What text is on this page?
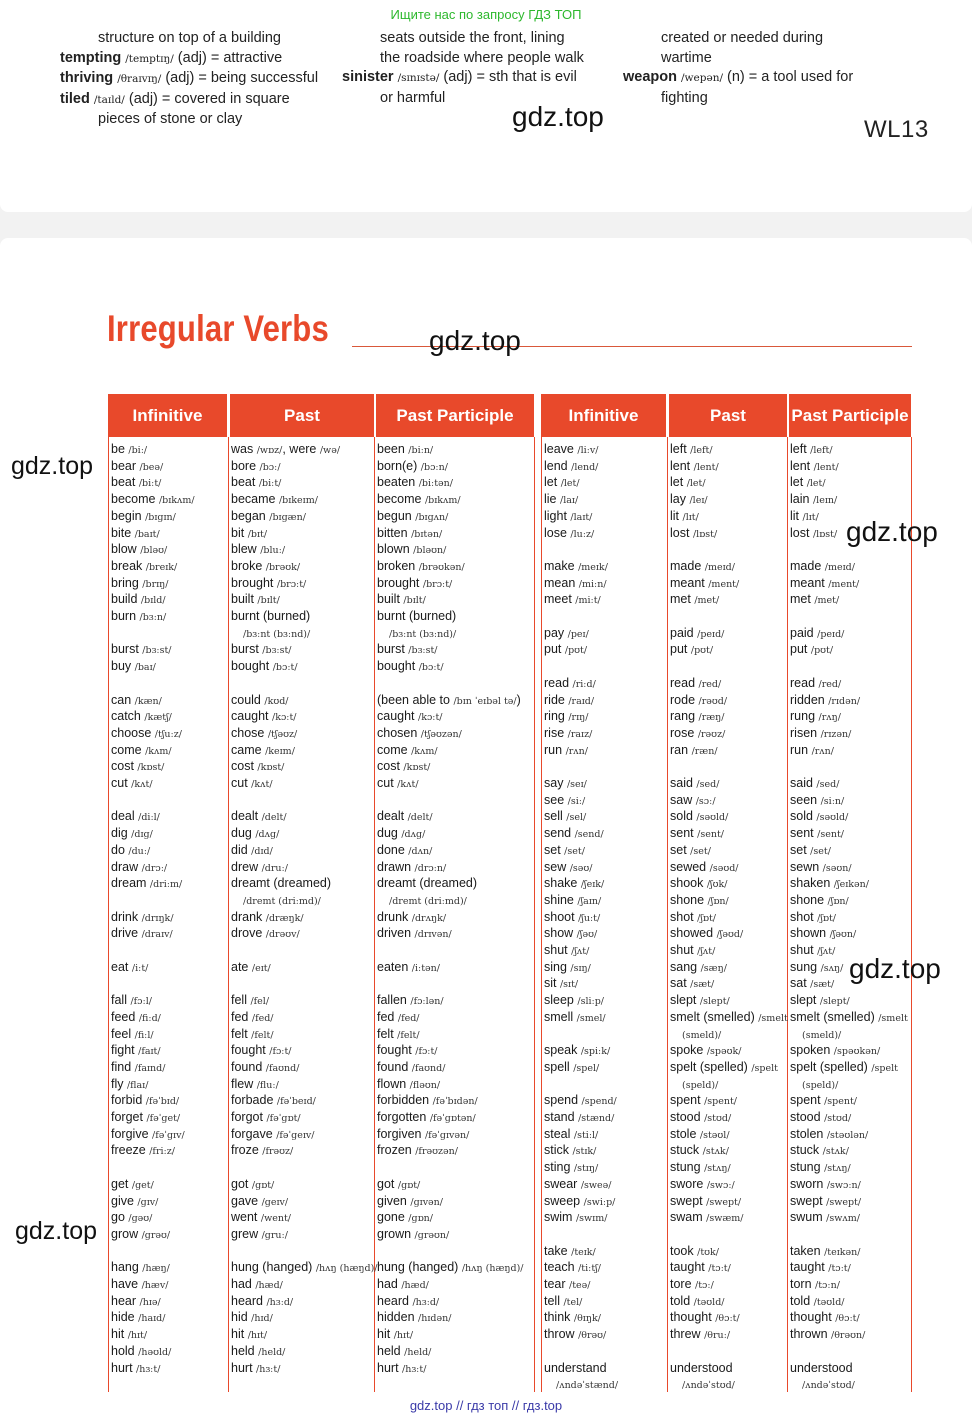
Ищите нас по запросу ГДЗ ТОП
structure on top of a building
tempting /temptɪŋ/ (adj) = attractive
thriving /θraɪvɪŋ/ (adj) = being successful
tiled /taɪld/ (adj) = covered in square
pieces of stone or clay
seats outside the front, lining
the roadside where people walk
sinister /sɪnɪstə/ (adj) = sth that is evil
or harmful
created or needed during
wartime
weapon /wepən/ (n) = a tool used for
fighting
gdz.top	WL13
Irregular Verbs	gdz.top
Infinitive
be /biː/
bear /beə/
beat /biːt/
become /bɪkʌm/
begin /bɪgɪn/
bite /baɪt/
blow /bləʊ/
break /breɪk/
bring /brɪŋ/
build /bɪld/
burn /bɜːn/
burst /bɜːst/
buy /baɪ/
can /kæn/
catch /kætʃ/
choose /tʃuːz/
come /kʌm/
cost /kɒst/
cut /kʌt/
deal /diːl/
dig /dɪg/
do /duː/
draw /drɔː/
dream /driːm/
drink /drɪŋk/
drive /draɪv/
eat /iːt/
fall /fɔːl/
feed /fiːd/
feel /fiːl/
fight /faɪt/
find /faɪnd/
fly /flaɪ/
forbid /fəˈbɪd/
forget /fəˈget/
forgive /fəˈgɪv/
freeze /friːz/
get /get/
give /gɪv/
go /gəʊ/
grow /grəʊ/
hang /hæŋ/
have /hæv/
hear /hɪə/
hide /haɪd/
hit /hɪt/
hold /həʊld/
hurt /hɜːt/
Past
was /wɒz/, were /wə/
bore /bɔː/
beat /biːt/
became /bɪkeɪm/
began /bɪgæn/
bit /bɪt/
blew /bluː/
broke /brəʊk/
brought /brɔːt/
built /bɪlt/
burnt (burned)
/bɜːnt (bɜːnd)/
burst /bɜːst/
bought /bɔːt/
could /kʊd/
caught /kɔːt/
chose /tʃəʊz/
came /keɪm/
cost /kɒst/
cut /kʌt/
dealt /delt/
dug /dʌg/
did /dɪd/
drew /druː/
dreamt (dreamed)
/dremt (driːmd)/
drank /dræŋk/
drove /drəʊv/
ate /eɪt/
fell /fel/
fed /fed/
felt /felt/
fought /fɔːt/
found /faʊnd/
flew /fluː/
forbade /fəˈbeɪd/
forgot /fəˈgɒt/
forgave /fəˈgeɪv/
froze /frəʊz/
got /gɒt/
gave /geɪv/
went /went/
grew /gruː/
hung (hanged) /hʌŋ (hæŋd)/
had /hæd/
heard /hɜːd/
hid /hɪd/
hit /hɪt/
held /held/
hurt /hɜːt/
Past Participle
been /biːn/
born(e) /bɔːn/
beaten /biːtən/
become /bɪkʌm/
begun /bɪgʌn/
bitten /bɪtən/
blown /bləʊn/
broken /brəʊkən/
brought /brɔːt/
built /bɪlt/
burnt (burned)
/bɜːnt (bɜːnd)/
burst /bɜːst/
bought /bɔːt/
(been able to /bɪn ˈeɪbəl tə/)
caught /kɔːt/
chosen /tʃəʊzən/
come /kʌm/
cost /kɒst/
cut /kʌt/
dealt /delt/
dug /dʌg/
done /dʌn/
drawn /drɔːn/
dreamt (dreamed)
/dremt (driːmd)/
drunk /drʌŋk/
driven /drɪvən/
eaten /iːtən/
fallen /fɔːlən/
fed /fed/
felt /felt/
fought /fɔːt/
found /faʊnd/
flown /fləʊn/
forbidden /fəˈbɪdən/
forgotten /fəˈgɒtən/
forgiven /fəˈgɪvən/
frozen /frəʊzən/
got /gɒt/
given /gɪvən/
gone /gɒn/
grown /grəʊn/
hung (hanged) /hʌŋ (hæŋd)/
had /hæd/
heard /hɜːd/
hidden /hɪdən/
hit /hɪt/
held /held/
hurt /hɜːt/
Infinitive
leave /liːv/
lend /lend/
let /let/
lie /laɪ/
light /laɪt/
lose /luːz/
make /meɪk/
mean /miːn/
meet /miːt/
pay /peɪ/
put /pʊt/
read /riːd/
ride /raɪd/
ring /rɪŋ/
rise /raɪz/
run /rʌn/
say /seɪ/
see /siː/
sell /sel/
send /send/
set /set/
sew /səʊ/
shake /ʃeɪk/
shine /ʃaɪn/
shoot /ʃuːt/
show /ʃəʊ/
shut /ʃʌt/
sing /sɪŋ/
sit /sɪt/
sleep /sliːp/
smell /smel/
speak /spiːk/
spell /spel/
spend /spend/
stand /stænd/
steal /stiːl/
stick /stɪk/
sting /stɪŋ/
swear /sweə/
sweep /swiːp/
swim /swɪm/
take /teɪk/
teach /tiːtʃ/
tear /teə/
tell /tel/
think /θɪŋk/
throw /θrəʊ/
understand
/ʌndəˈstænd/
Past
left /left/
lent /lent/
let /let/
lay /leɪ/
lit /lɪt/
lost /lɒst/
made /meɪd/
meant /ment/
met /met/
paid /peɪd/
put /pʊt/
read /red/
rode /rəʊd/
rang /ræŋ/
rose /rəʊz/
ran /ræn/
said /sed/
saw /sɔː/
sold /səʊld/
sent /sent/
set /set/
sewed /səʊd/
shook /ʃʊk/
shone /ʃɒn/
shot /ʃɒt/
showed /ʃəʊd/
shut /ʃʌt/
sang /sæŋ/
sat /sæt/
slept /slept/
smelt (smelled) /smelt
(smeld)/
spoke /spəʊk/
spelt (spelled) /spelt
(speld)/
spent /spent/
stood /stʊd/
stole /stəʊl/
stuck /stʌk/
stung /stʌŋ/
swore /swɔː/
swept /swept/
swam /swæm/
took /tʊk/
taught /tɔːt/
tore /tɔː/
told /təʊld/
thought /θɔːt/
threw /θruː/
understood
/ʌndəˈstʊd/
Past Participle
left /left/
lent /lent/
let /let/
lain /leɪn/
lit /lɪt/
lost /lɒst/
made /meɪd/
meant /ment/
met /met/
paid /peɪd/
put /pʊt/
read /red/
ridden /rɪdən/
rung /rʌŋ/
risen /rɪzən/
run /rʌn/
said /sed/
seen /siːn/
sold /səʊld/
sent /sent/
set /set/
sewn /səʊn/
shaken /ʃeɪkən/
shone /ʃɒn/
shot /ʃɒt/
shown /ʃəʊn/
shut /ʃʌt/
sung /sʌŋ/
sat /sæt/
slept /slept/
smelt (smelled) /smelt
(smeld)/
spoken /spəʊkən/
spelt (spelled) /spelt
(speld)/
spent /spent/
stood /stʊd/
stolen /stəʊlən/
stuck /stʌk/
stung /stʌŋ/
sworn /swɔːn/
swept /swept/
swum /swʌm/
taken /teɪkən/
taught /tɔːt/
torn /tɔːn/
told /təʊld/
thought /θɔːt/
thrown /θrəʊn/
understood
/ʌndəˈstʊd/
gdz.top
gdz.top
gdz.top
gdz.top
gdz.top // гдз топ // гдз.top
